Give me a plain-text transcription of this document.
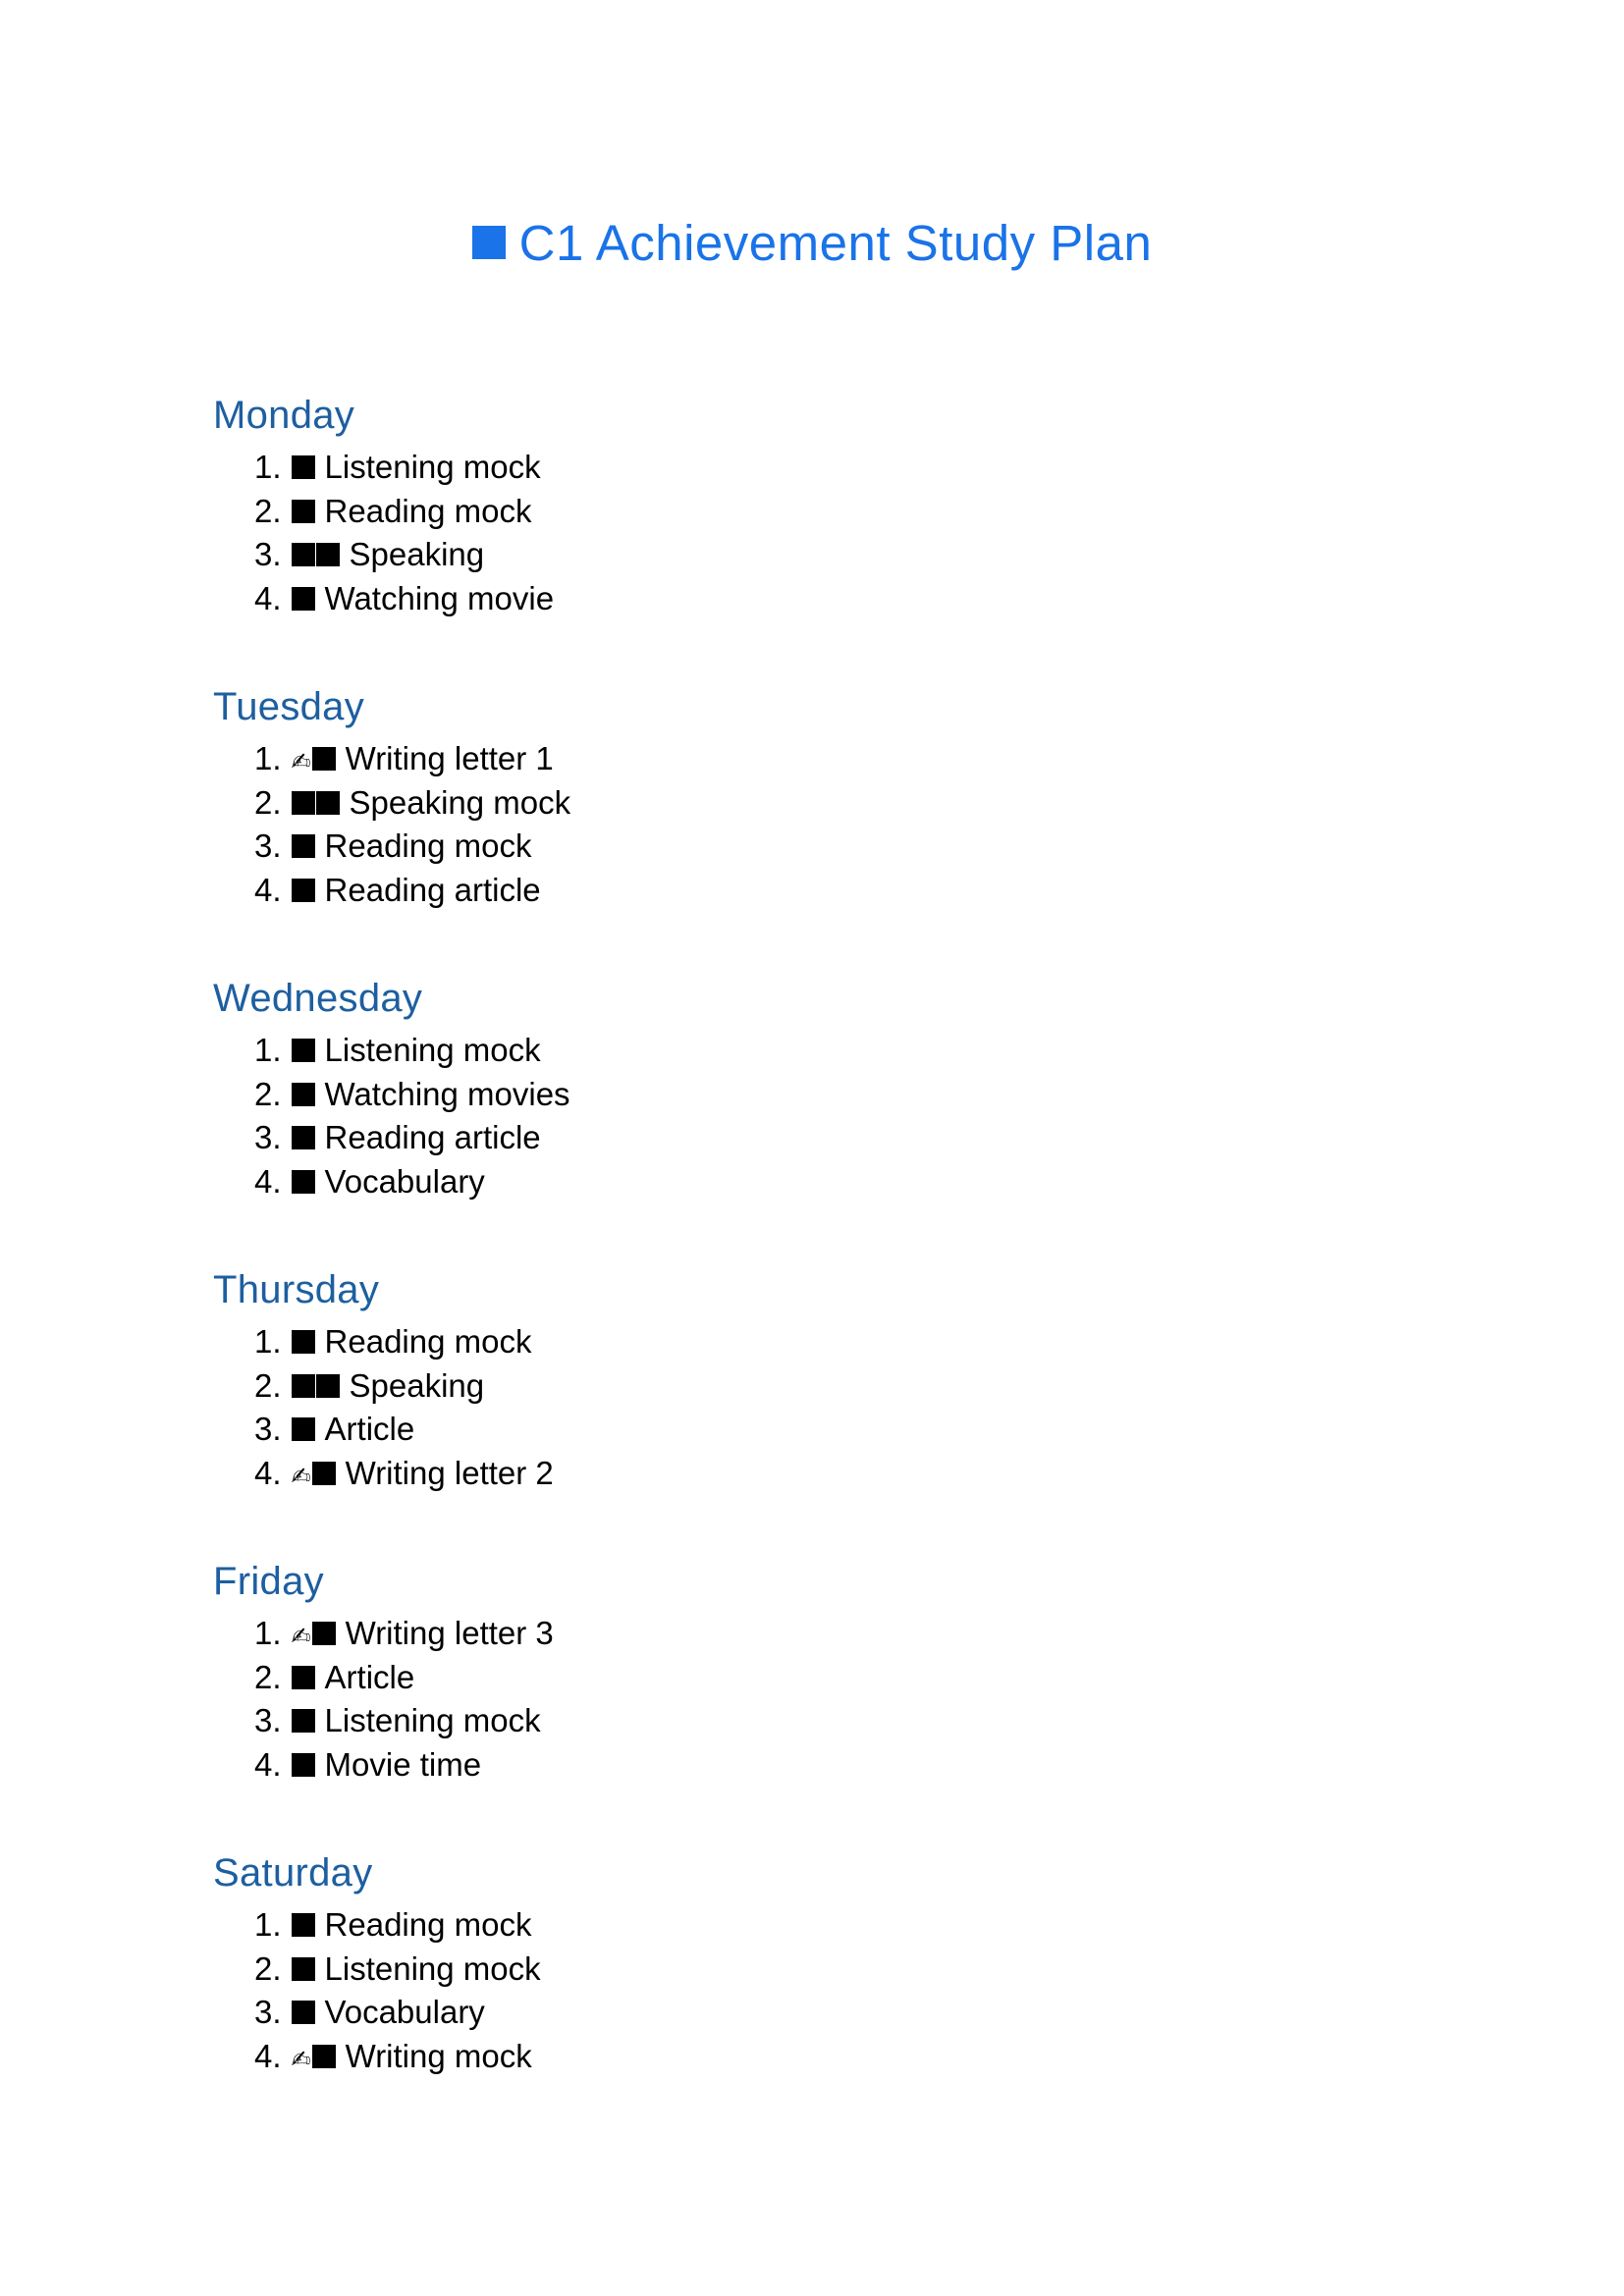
C1 Achievement Study Plan
Monday
1. Listening mock
2. Reading mock
3. Speaking
4. Watching movie
Tuesday
1. ✍ Writing letter 1
2. Speaking mock
3. Reading mock
4. Reading article
Wednesday
1. Listening mock
2. Watching movies
3. Reading article
4. Vocabulary
Thursday
1. Reading mock
2. Speaking
3. Article
4. ✍ Writing letter 2
Friday
1. ✍ Writing letter 3
2. Article
3. Listening mock
4. Movie time
Saturday
1. Reading mock
2. Listening mock
3. Vocabulary
4. ✍ Writing mock
